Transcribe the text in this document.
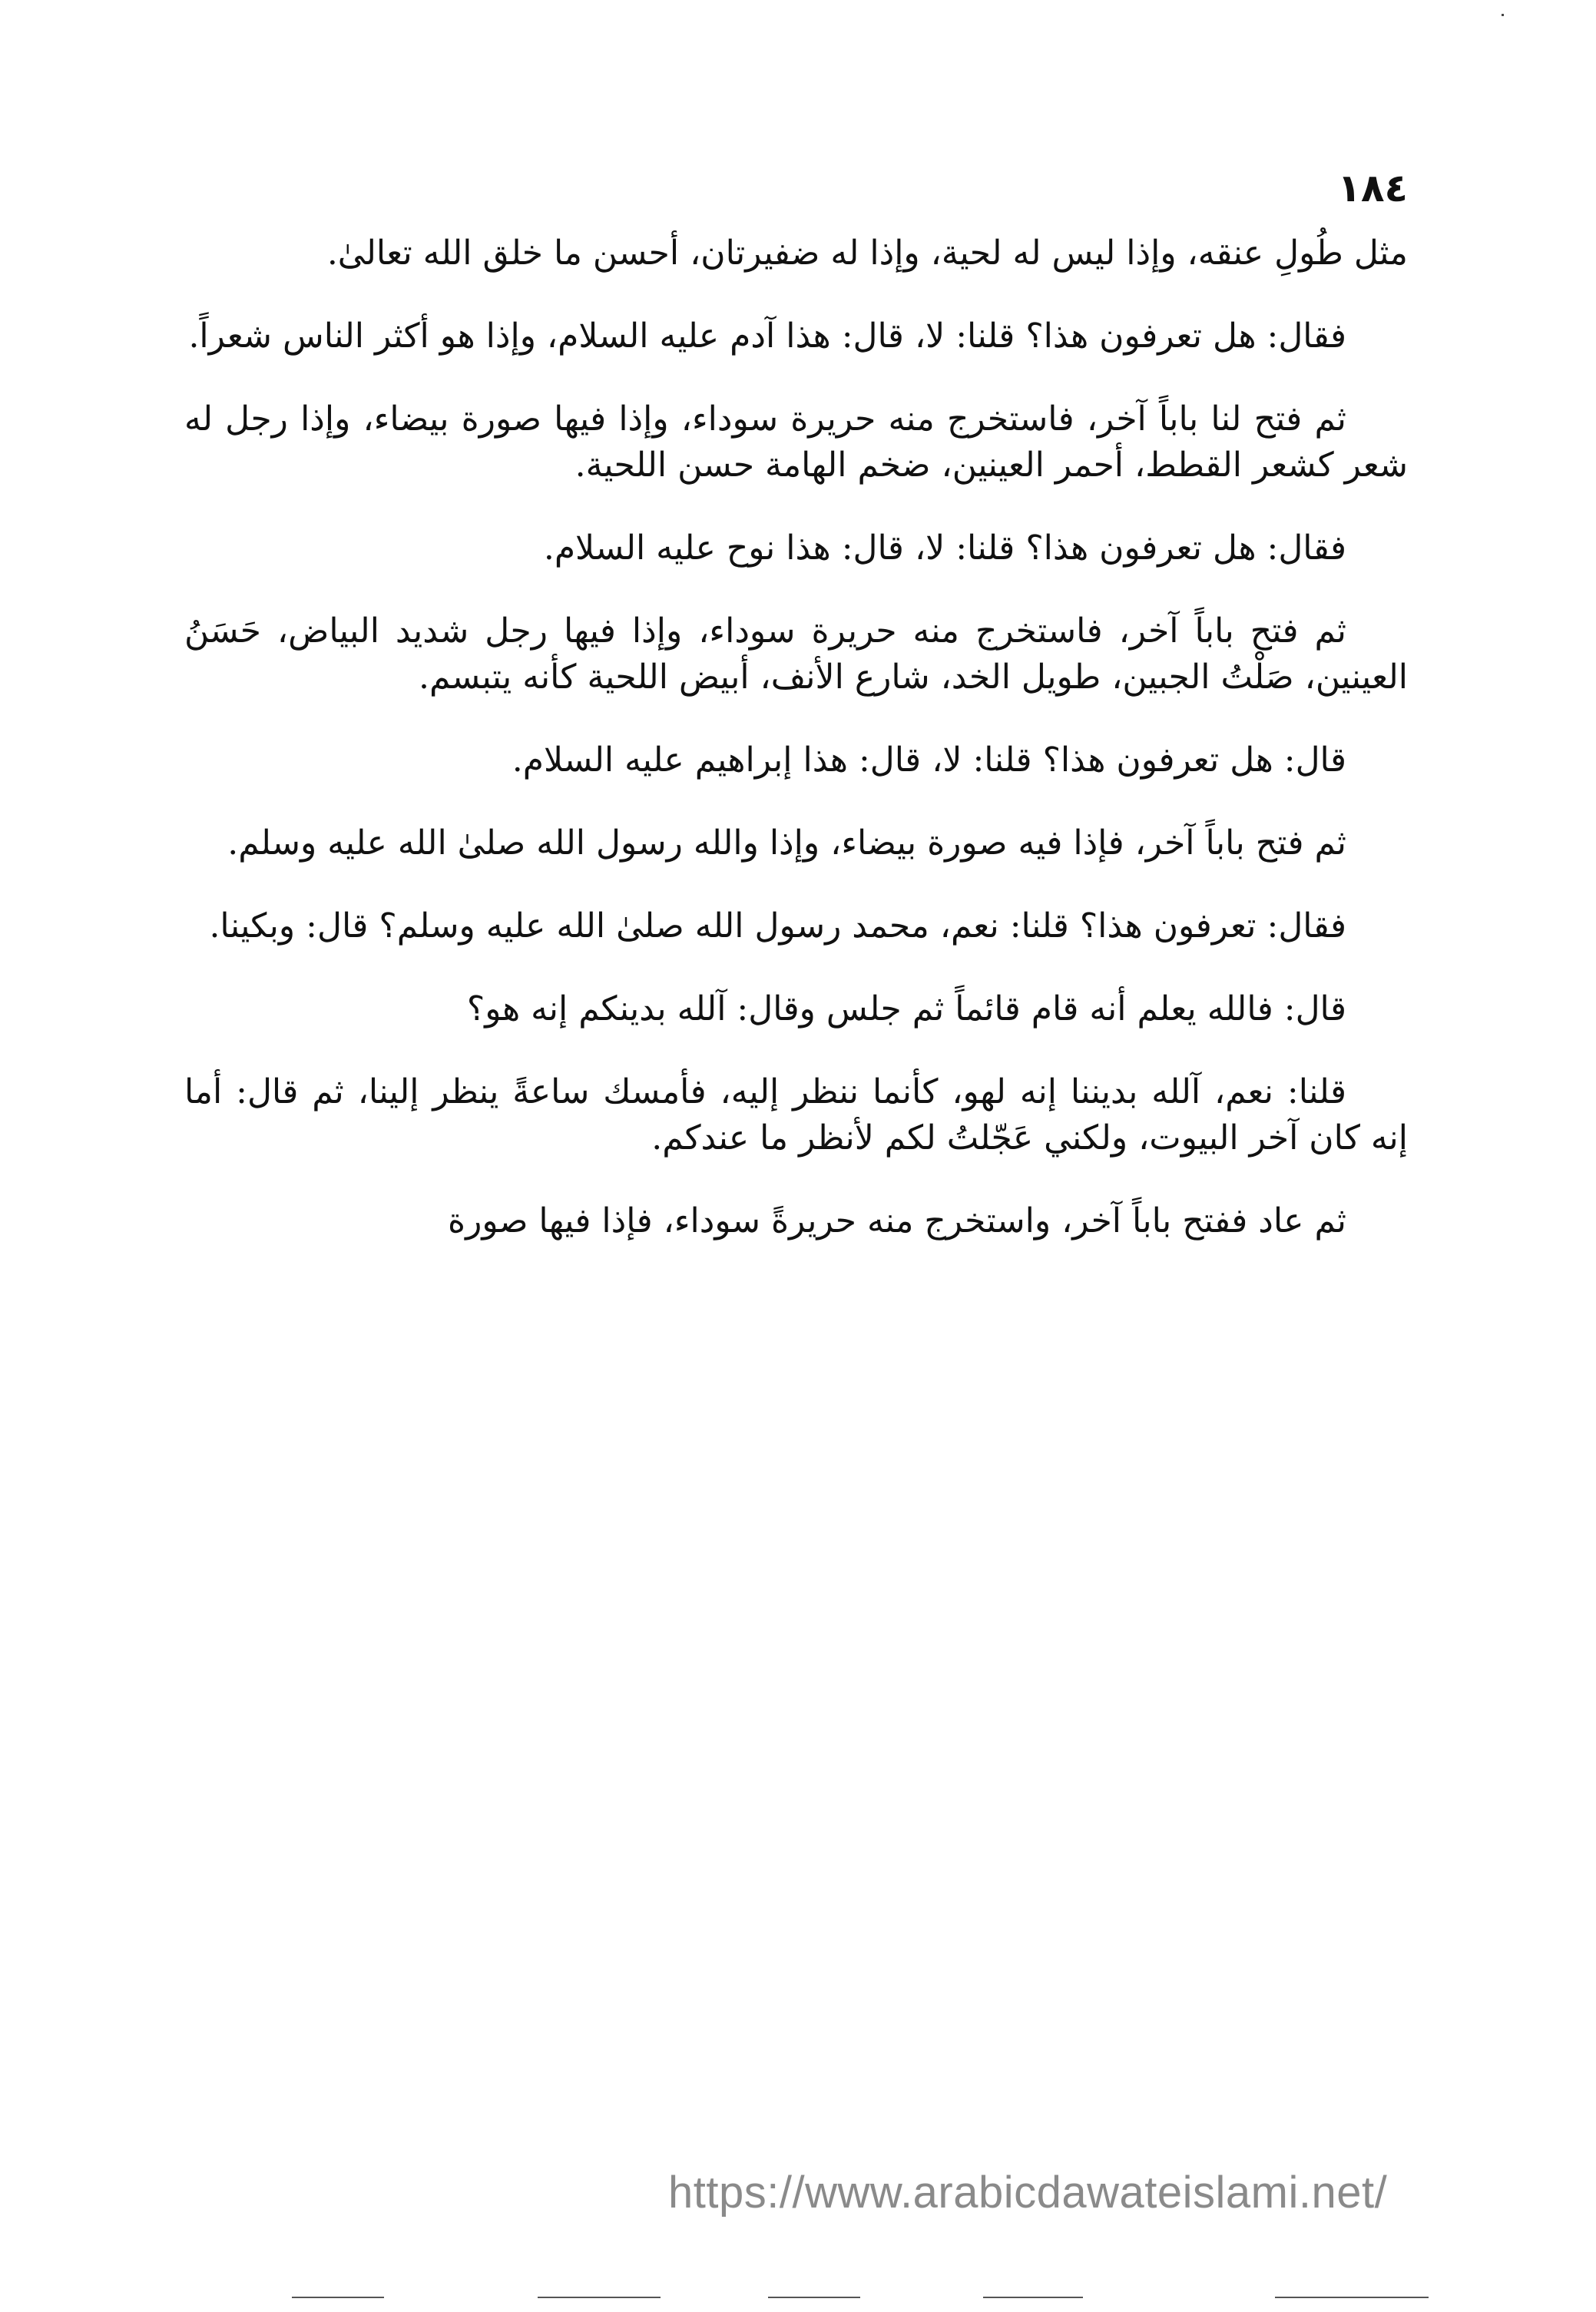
١٨٤

مثل طُولِ عنقه، وإذا ليس له لحية، وإذا له ضفيرتان، أحسن ما خلق الله تعالىٰ.

فقال: هل تعرفون هذا؟ قلنا: لا، قال: هذا آدم عليه السلام، وإذا هو أكثر الناس شعراً.

ثم فتح لنا باباً آخر، فاستخرج منه حريرة سوداء، وإذا فيها صورة بيضاء، وإذا رجل له شعر كشعر القطط، أحمر العينين، ضخم الهامة حسن اللحية.

فقال: هل تعرفون هذا؟ قلنا: لا، قال: هذا نوح عليه السلام.

ثم فتح باباً آخر، فاستخرج منه حريرة سوداء، وإذا فيها رجل شديد البياض، حَسَنُ العينين، صَلْتُ الجبين، طويل الخد، شارع الأنف، أبيض اللحية كأنه يتبسم.

قال: هل تعرفون هذا؟ قلنا: لا، قال: هذا إبراهيم عليه السلام.

ثم فتح باباً آخر، فإذا فيه صورة بيضاء، وإذا والله رسول الله صلىٰ الله عليه وسلم.

فقال: تعرفون هذا؟ قلنا: نعم، محمد رسول الله صلىٰ الله عليه وسلم؟ قال: وبكينا.

قال: فالله يعلم أنه قام قائماً ثم جلس وقال: آلله بدينكم إنه هو؟

قلنا: نعم، آلله بديننا إنه لهو، كأنما ننظر إليه، فأمسك ساعةً ينظر إلينا، ثم قال: أما إنه كان آخر البيوت، ولكني عَجّلتُ لكم لأنظر ما عندكم.

ثم عاد ففتح باباً آخر، واستخرج منه حريرةً سوداء، فإذا فيها صورة

https://www.arabicdawateislami.net/
